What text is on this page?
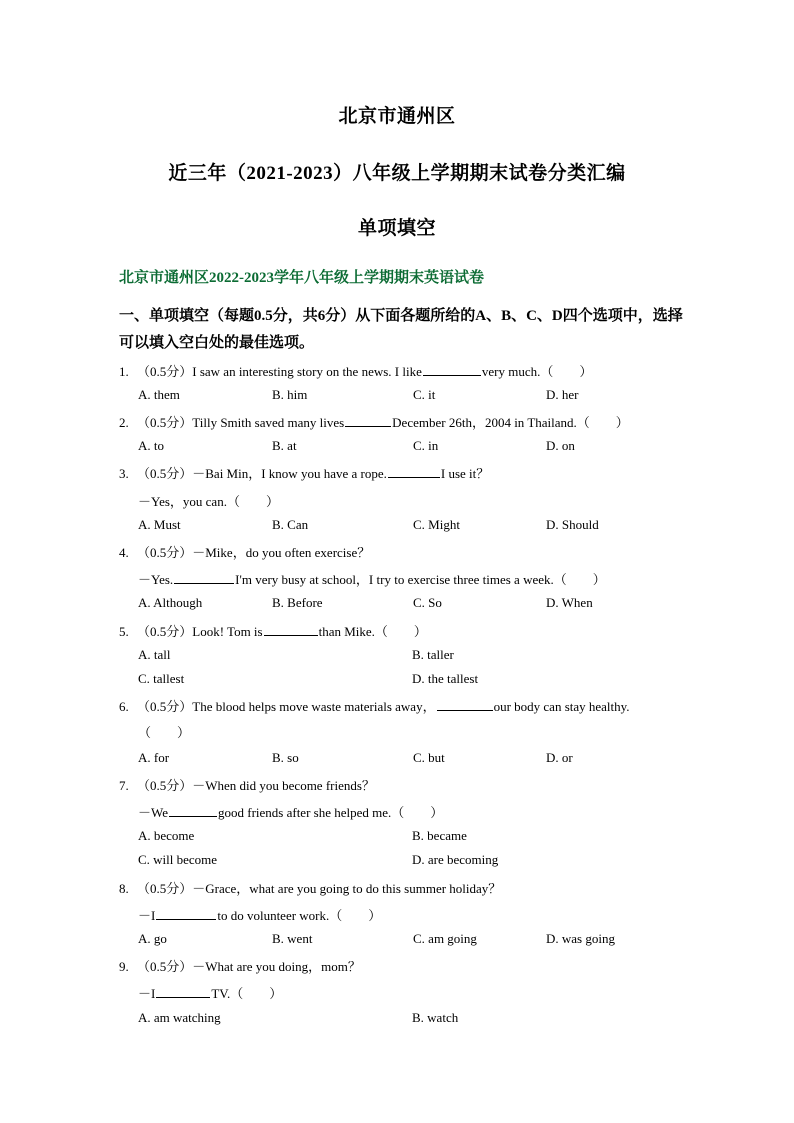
北京市通州区
近三年（2021-2023）八年级上学期期末试卷分类汇编
单项填空
北京市通州区2022-2023学年八年级上学期期末英语试卷
一、单项填空（每题0.5分，共6分）从下面各题所给的A、B、C、D四个选项中，选择可以填入空白处的最佳选项。
1. （0.5分）I saw an interesting story on the news. I like	very much.（　　）
A. them	B. him	C. it	D. her
2. （0.5分）Tilly Smith saved many lives	December 26th，2004 in Thailand.（　　）
A. to	B. at	C. in	D. on
3. （0.5分）－Bai Min，I know you have a rope.	I use it？
－Yes，you can.（　　）
A. Must	B. Can	C. Might	D. Should
4. （0.5分）－Mike，do you often exercise？
－Yes.	I'm very busy at school，I try to exercise three times a week.（　　）
A. Although	B. Before	C. So	D. When
5. （0.5分）Look! Tom is	than Mike.（　　）
A. tall	B. taller
C. tallest	D. the tallest
6. （0.5分）The blood helps move waste materials away，	our body can stay healthy.
（　　）
A. for	B. so	C. but	D. or
7. （0.5分）－When did you become friends？
－We	good friends after she helped me.（　　）
A. become	B. became
C. will become	D. are becoming
8. （0.5分）－Grace，what are you going to do this summer holiday？
－I	to do volunteer work.（　　）
A. go	B. went	C. am going	D. was going
9. （0.5分）－What are you doing，mom？
－I	TV.（　　）
A. am watching	B. watch
